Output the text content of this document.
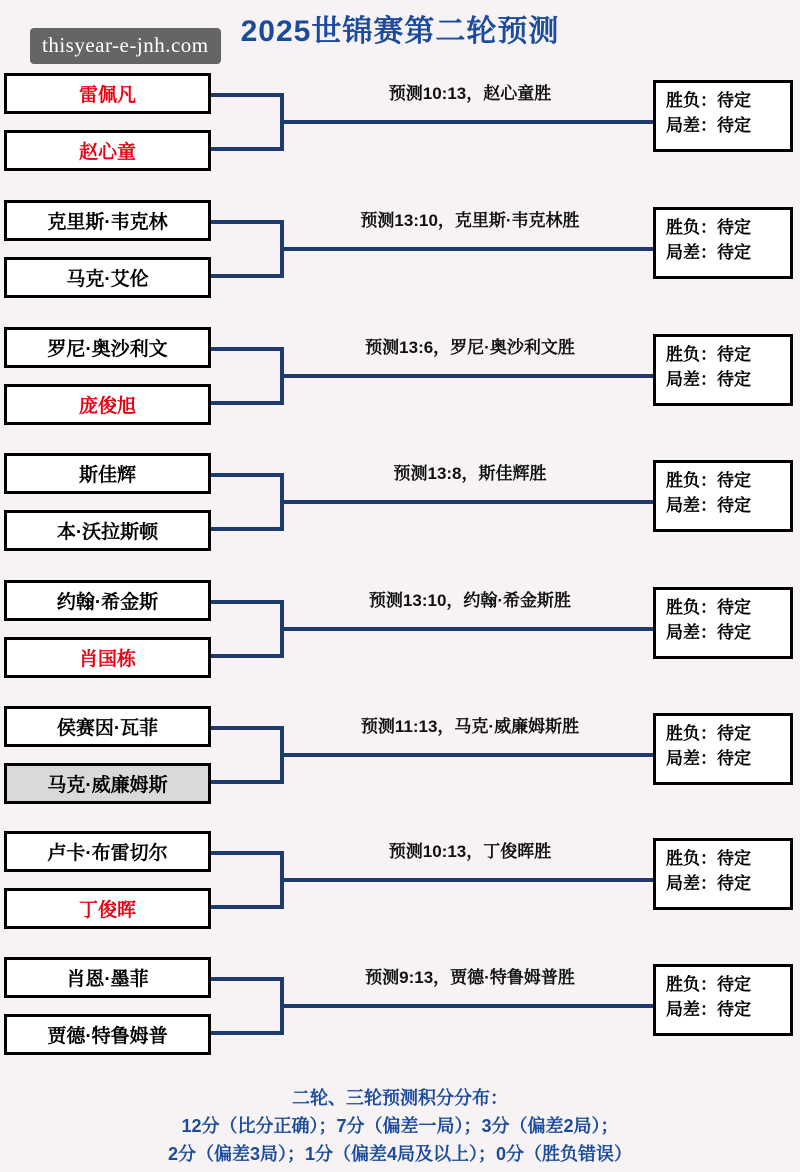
2025世锦赛第二轮预测
thisyear-e-jnh.com
雷佩凡
赵心童
预测10:13，赵心童胜	胜负：待定
局差：待定
克里斯·韦克林
马克·艾伦
预测13:10，克里斯·韦克林胜	胜负：待定
局差：待定
罗尼·奥沙利文
庞俊旭
预测13:6，罗尼·奥沙利文胜	胜负：待定
局差：待定
斯佳辉
本·沃拉斯顿
预测13:8，斯佳辉胜	胜负：待定
局差：待定
约翰·希金斯
肖国栋
预测13:10，约翰·希金斯胜	胜负：待定
局差：待定
侯赛因·瓦菲
马克·威廉姆斯
预测11:13，马克·威廉姆斯胜	胜负：待定
局差：待定
卢卡·布雷切尔
丁俊晖
预测10:13，丁俊晖胜	胜负：待定
局差：待定
肖恩·墨菲
贾德·特鲁姆普
预测9:13，贾德·特鲁姆普胜	胜负：待定
局差：待定
二轮、三轮预测积分分布：
12分（比分正确）；7分（偏差一局）；3分（偏差2局）；
2分（偏差3局）；1分（偏差4局及以上）；0分（胜负错误）
